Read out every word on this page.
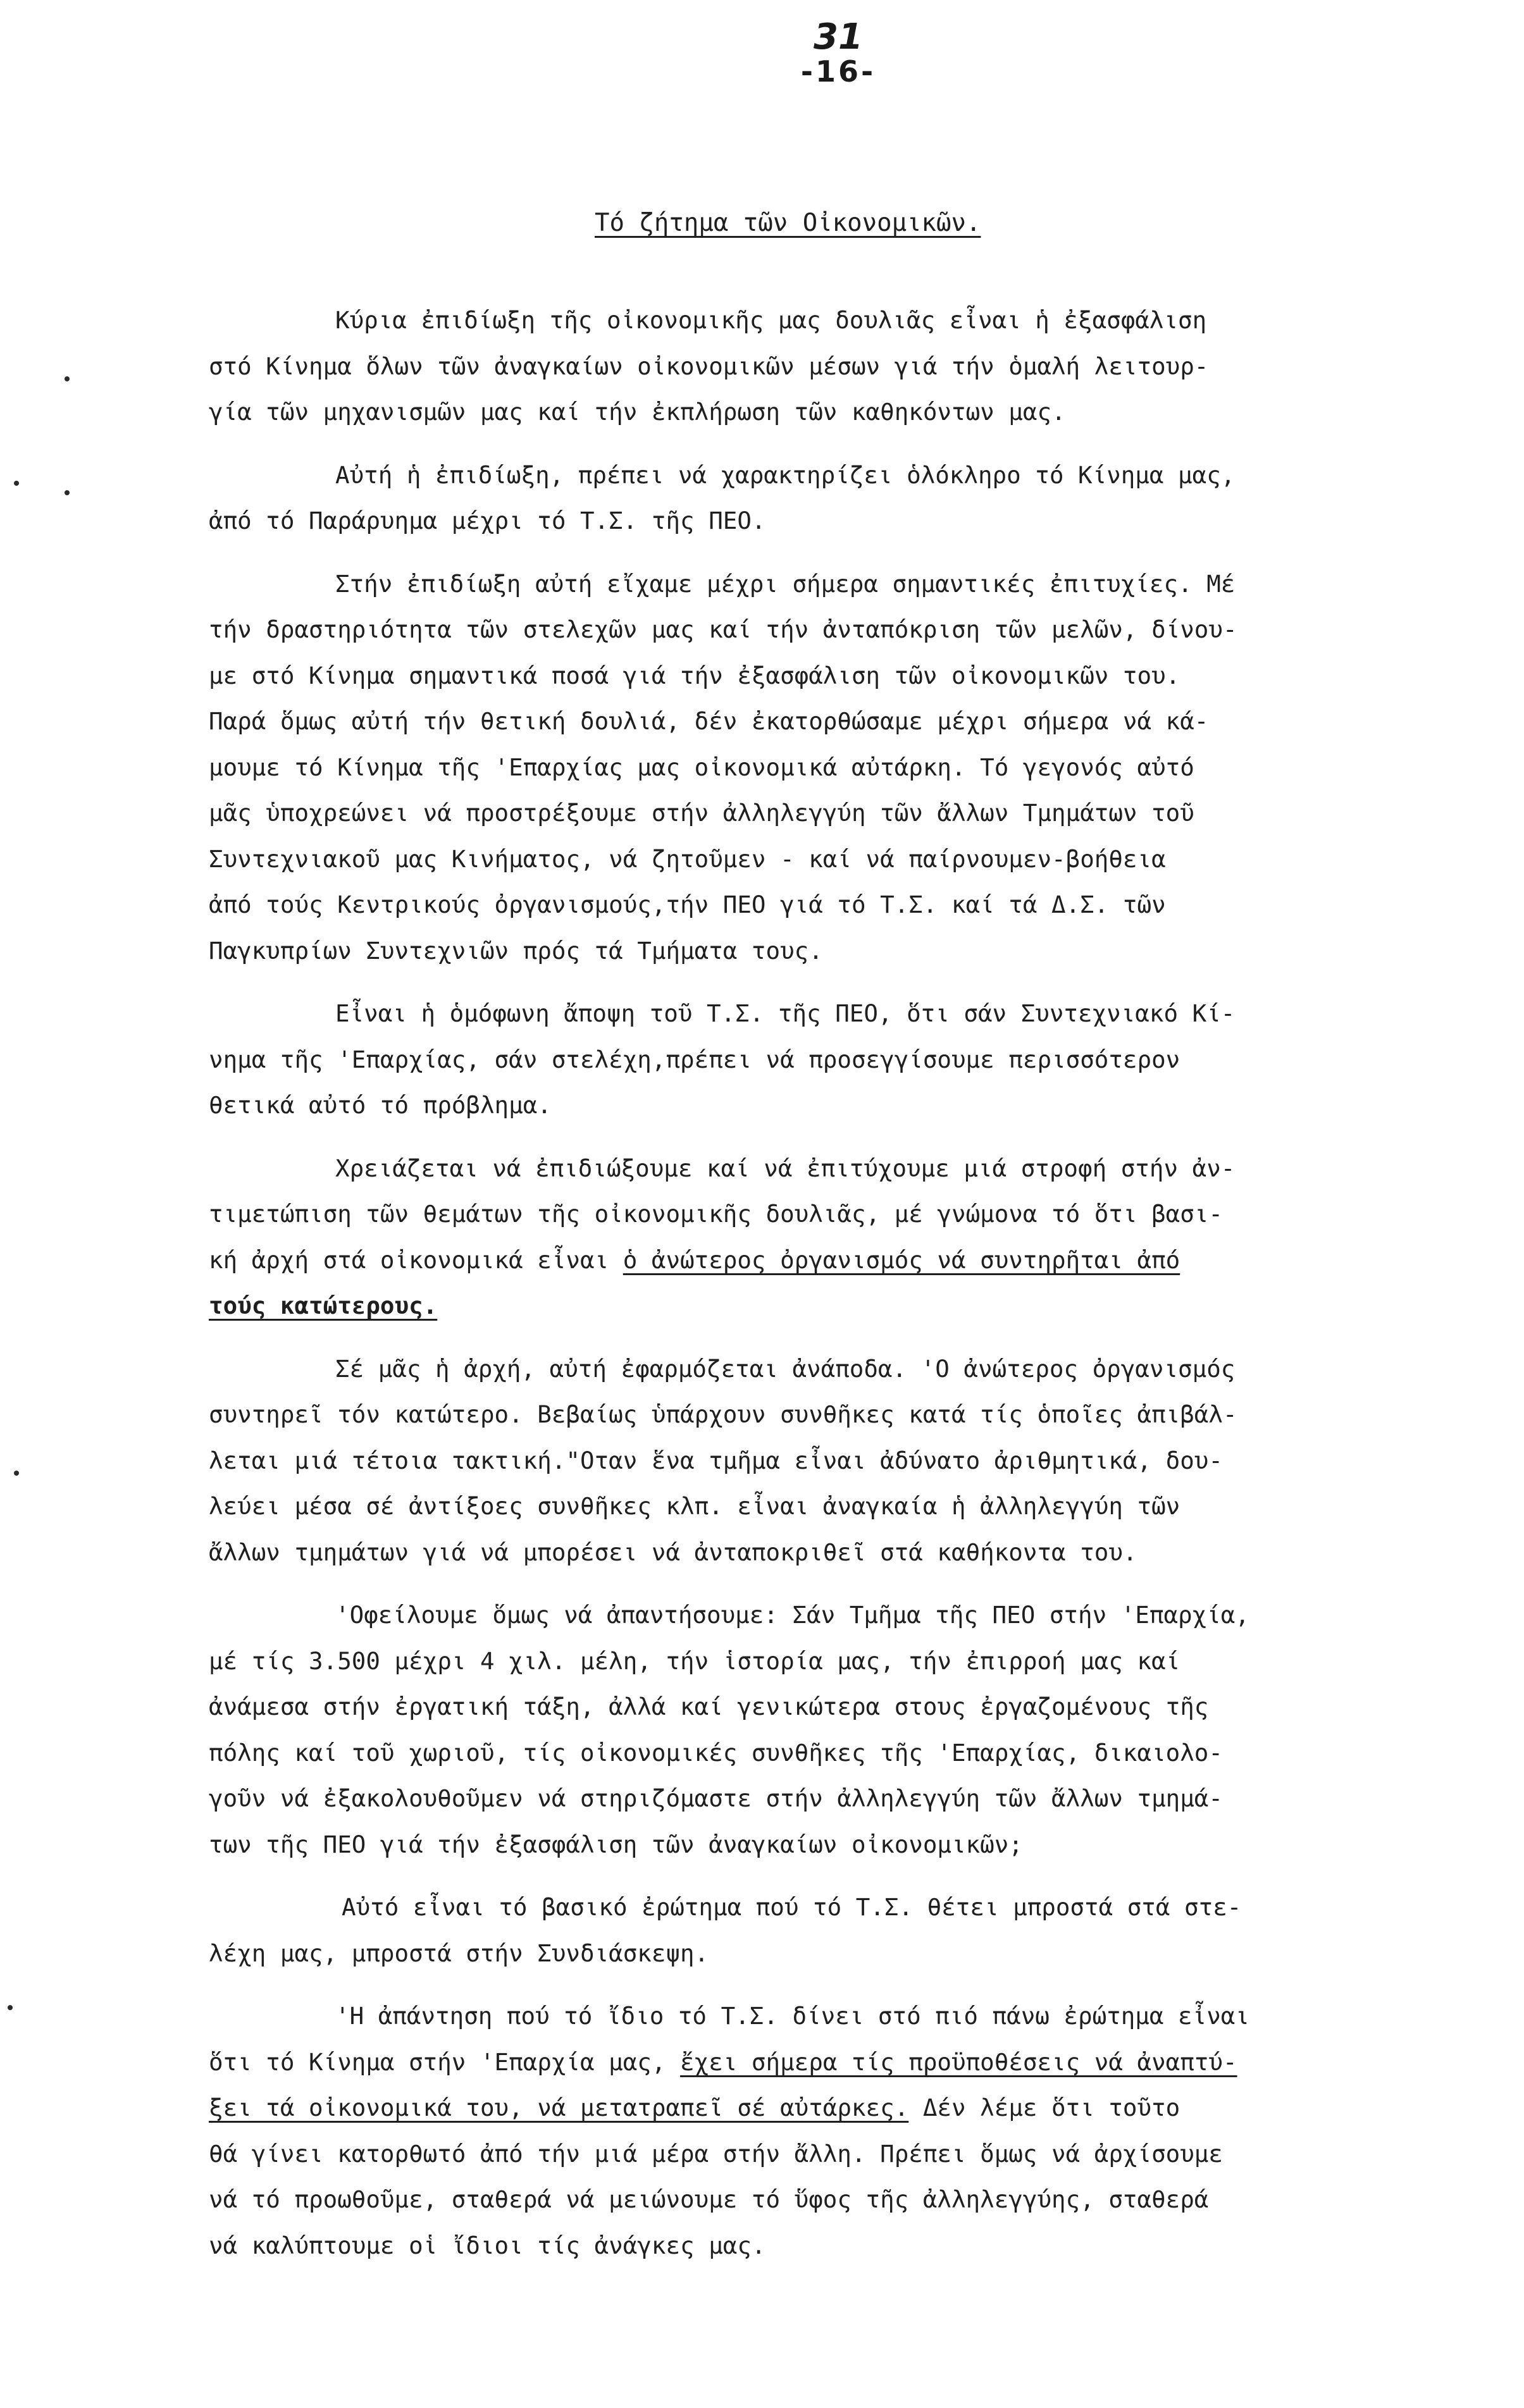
31
-16-
Τό ζήτημα τῶν Οἰκονομικῶν.
Κύρια ἐπιδίωξη τῆς οἰκονομικῆς μας δουλιᾶς εἶναι ἡ ἐξασφάλιση
στό Κίνημα ὅλων τῶν ἀναγκαίων οἰκονομικῶν μέσων γιά τήν ὁμαλή λειτουρ-
γία τῶν μηχανισμῶν μας καί τήν ἐκπλήρωση τῶν καθηκόντων μας.
Αὐτή ἡ ἐπιδίωξη, πρέπει νά χαρακτηρίζει ὁλόκληρο τό Κίνημα μας,
ἀπό τό Παράρυημα μέχρι τό Τ.Σ. τῆς ΠΕΟ.
Στήν ἐπιδίωξη αὐτή εἴχαμε μέχρι σήμερα σημαντικές ἐπιτυχίες. Μέ
τήν δραστηριότητα τῶν στελεχῶν μας καί τήν ἀνταπόκριση τῶν μελῶν, δίνου-
με στό Κίνημα σημαντικά ποσά γιά τήν ἐξασφάλιση τῶν οἰκονομικῶν του.
Παρά ὅμως αὐτή τήν θετική δουλιά, δέν ἐκατορθώσαμε μέχρι σήμερα νά κά-
μουμε τό Κίνημα τῆς 'Επαρχίας μας οἰκονομικά αὐτάρκη. Τό γεγονός αὐτό
μᾶς ὑποχρεώνει νά προστρέξουμε στήν ἀλληλεγγύη τῶν ἄλλων Τμημάτων τοῦ
Συντεχνιακοῦ μας Κινήματος, νά ζητοῦμεν - καί νά παίρνουμεν-βοήθεια
ἀπό τούς Κεντρικούς ὀργανισμούς,τήν ΠΕΟ γιά τό Τ.Σ. καί τά Δ.Σ. τῶν
Παγκυπρίων Συντεχνιῶν πρός τά Τμήματα τους.
Εἶναι ἡ ὁμόφωνη ἄποψη τοῦ Τ.Σ. τῆς ΠΕΟ, ὅτι σάν Συντεχνιακό Κί-
νημα τῆς 'Επαρχίας, σάν στελέχη,πρέπει νά προσεγγίσουμε περισσότερον
θετικά αὐτό τό πρόβλημα.
Χρειάζεται νά ἐπιδιώξουμε καί νά ἐπιτύχουμε μιά στροφή στήν ἀν-
τιμετώπιση τῶν θεμάτων τῆς οἰκονομικῆς δουλιᾶς, μέ γνώμονα τό ὅτι βασι-
κή ἀρχή στά οἰκονομικά εἶναι ὁ ἀνώτερος ὀργανισμός νά συντηρῆται ἀπό
τούς κατώτερους.
Σέ μᾶς ἡ ἀρχή, αὐτή ἐφαρμόζεται ἀνάποδα. 'Ο ἀνώτερος ὀργανισμός
συντηρεῖ τόν κατώτερο. Βεβαίως ὑπάρχουν συνθῆκες κατά τίς ὁποῖες ἀπιβάλ-
λεται μιά τέτοια τακτική."Οταν ἕνα τμῆμα εἶναι ἀδύνατο ἀριθμητικά, δου-
λεύει μέσα σέ ἀντίξοες συνθῆκες κλπ. εἶναι ἀναγκαία ἡ ἀλληλεγγύη τῶν
ἄλλων τμημάτων γιά νά μπορέσει νά ἀνταποκριθεῖ στά καθήκοντα του.
'Οφείλουμε ὅμως νά ἀπαντήσουμε: Σάν Τμῆμα τῆς ΠΕΟ στήν 'Επαρχία,
μέ τίς 3.500 μέχρι 4 χιλ. μέλη, τήν ἱστορία μας, τήν ἐπιρροή μας καί
ἀνάμεσα στήν ἐργατική τάξη, ἀλλά καί γενικώτερα στους ἐργαζομένους τῆς
πόλης καί τοῦ χωριοῦ, τίς οἰκονομικές συνθῆκες τῆς 'Επαρχίας, δικαιολο-
γοῦν νά ἐξακολουθοῦμεν νά στηριζόμαστε στήν ἀλληλεγγύη τῶν ἄλλων τμημά-
των τῆς ΠΕΟ γιά τήν ἐξασφάλιση τῶν ἀναγκαίων οἰκονομικῶν;
Αὐτό εἶναι τό βασικό ἐρώτημα πού τό Τ.Σ. θέτει μπροστά στά στε-
λέχη μας, μπροστά στήν Συνδιάσκεψη.
'Η ἀπάντηση πού τό ἴδιο τό Τ.Σ. δίνει στό πιό πάνω ἐρώτημα εἶναι
ὅτι τό Κίνημα στήν 'Επαρχία μας, ἔχει σήμερα τίς προϋποθέσεις νά ἀναπτύ-
ξει τά οἰκονομικά του, νά μετατραπεῖ σέ αὐτάρκες. Δέν λέμε ὅτι τοῦτο
θά γίνει κατορθωτό ἀπό τήν μιά μέρα στήν ἄλλη. Πρέπει ὅμως νά ἀρχίσουμε
νά τό προωθοῦμε, σταθερά νά μειώνουμε τό ὕφος τῆς ἀλληλεγγύης, σταθερά
νά καλύπτουμε οἱ ἴδιοι τίς ἀνάγκες μας.
